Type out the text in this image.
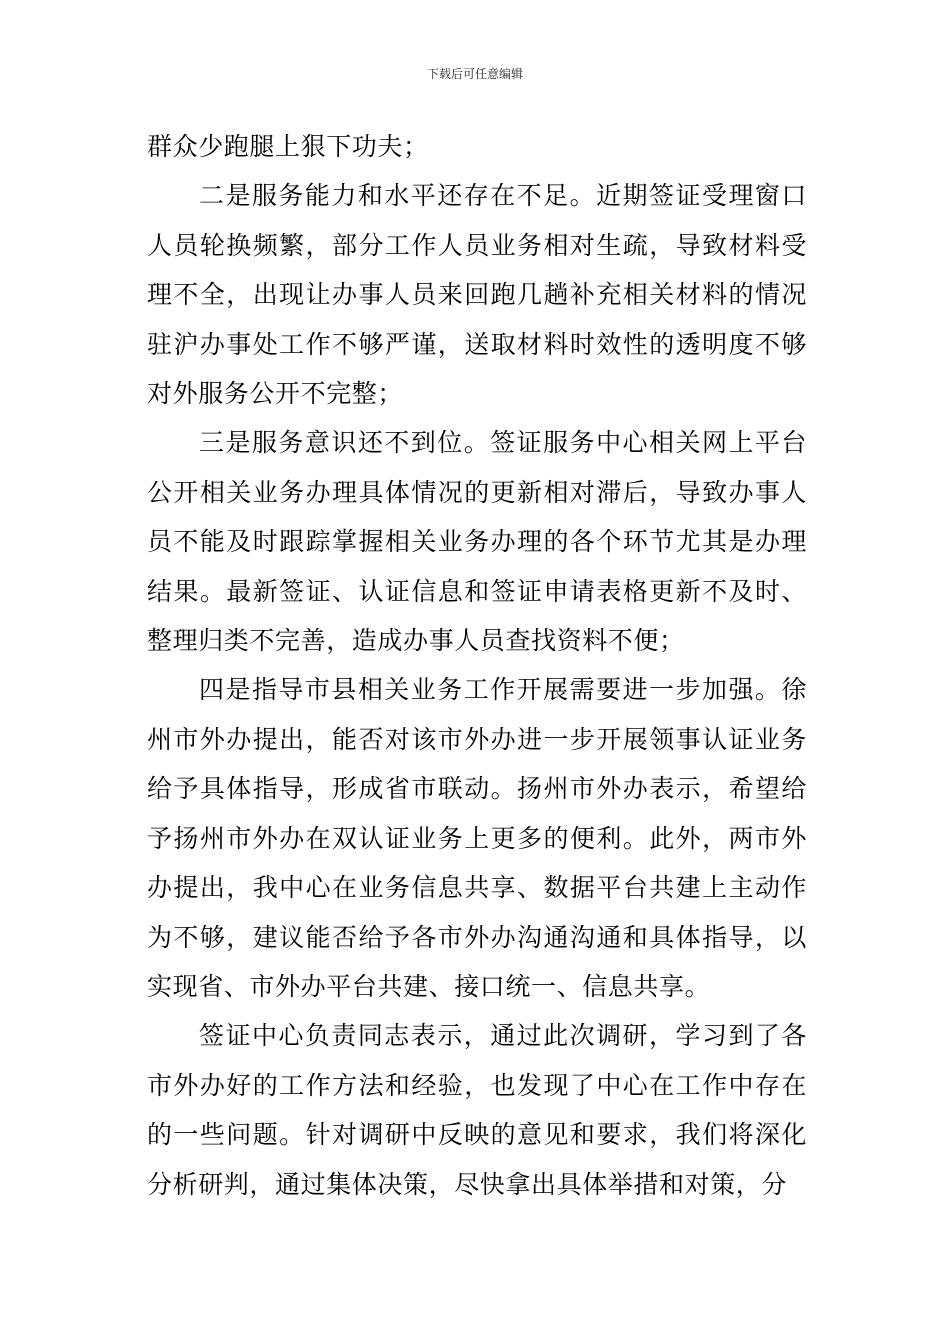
下载后可任意编辑

群众少跑腿上狠下功夫；

二是服务能力和水平还存在不足。近期签证受理窗口人员轮换频繁，部分工作人员业务相对生疏，导致材料受理不全，出现让办事人员来回跑几趟补充相关材料的情况驻沪办事处工作不够严谨，送取材料时效性的透明度不够对外服务公开不完整；

三是服务意识还不到位。签证服务中心相关网上平台公开相关业务办理具体情况的更新相对滞后，导致办事人员不能及时跟踪掌握相关业务办理的各个环节尤其是办理结果。最新签证、认证信息和签证申请表格更新不及时、整理归类不完善，造成办事人员查找资料不便；

四是指导市县相关业务工作开展需要进一步加强。徐州市外办提出，能否对该市外办进一步开展领事认证业务给予具体指导，形成省市联动。扬州市外办表示，希望给予扬州市外办在双认证业务上更多的便利。此外，两市外办提出，我中心在业务信息共享、数据平台共建上主动作为不够，建议能否给予各市外办沟通沟通和具体指导，以实现省、市外办平台共建、接口统一、信息共享。

签证中心负责同志表示，通过此次调研，学习到了各市外办好的工作方法和经验，也发现了中心在工作中存在的一些问题。针对调研中反映的意见和要求，我们将深化分析研判，通过集体决策，尽快拿出具体举措和对策，分
